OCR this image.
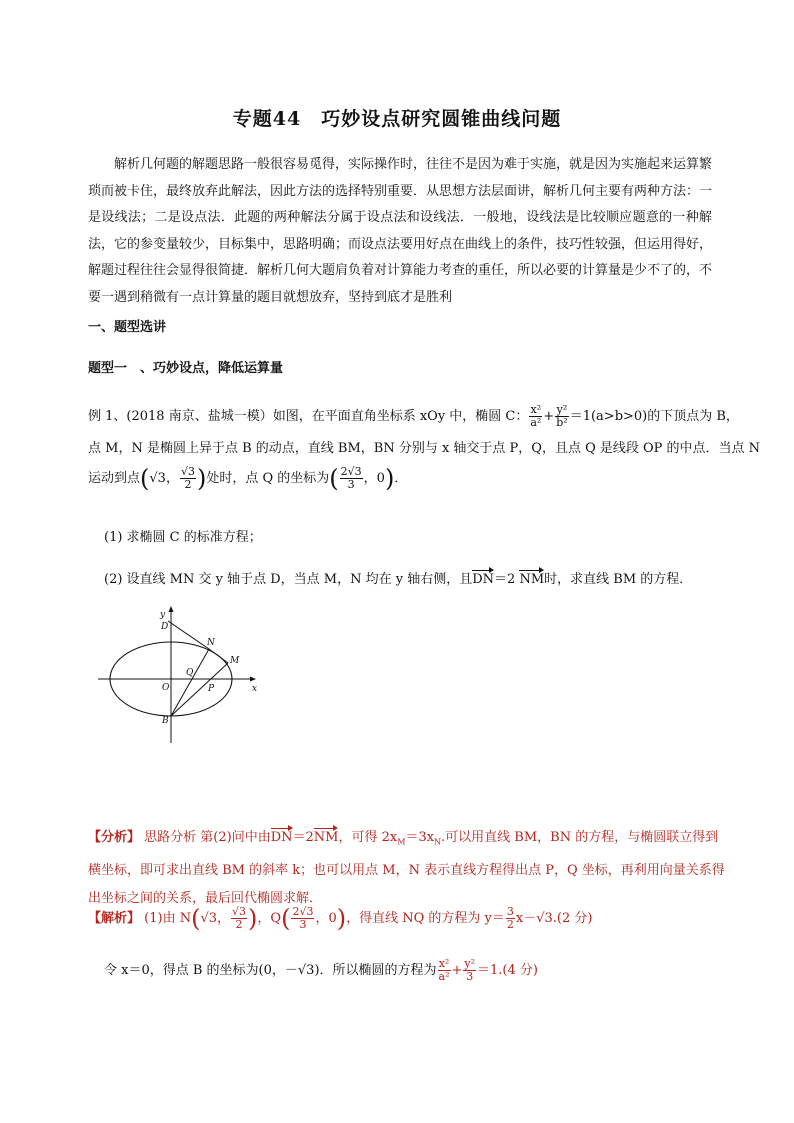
专题44　巧妙设点研究圆锥曲线问题
解析几何题的解题思路一般很容易觅得，实际操作时，往往不是因为难于实施，就是因为实施起来运算繁琐而被卡住，最终放弃此解法，因此方法的选择特别重要．从思想方法层面讲，解析几何主要有两种方法：一是设线法；二是设点法．此题的两种解法分属于设点法和设线法．一般地，设线法是比较顺应题意的一种解法，它的参变量较少，目标集中，思路明确；而设点法要用好点在曲线上的条件，技巧性较强，但运用得好，解题过程往往会显得很简捷．解析几何大题肩负着对计算能力考查的重任，所以必要的计算量是少不了的，不要一遇到稍微有一点计算量的题目就想放弃，坚持到底才是胜利
一、题型选讲
题型一　、巧妙设点，降低运算量
例 1、(2018 南京、盐城一模）如图，在平面直角坐标系 xOy 中，椭圆 C： $\frac{\text{x²}}{\text{a²}} + \frac{\text{y²}}{\text{b²}} =1(a>b>0)$的下顶点为 B，
点 M，N 是椭圆上异于点 B 的动点，直线 BM，BN 分别与 x 轴交于点 P，Q，且点 Q 是线段 OP 的中点．当点 N
运动到点(√3， $\frac{√3}{2}$ )处时，点 Q 的坐标为( $\frac{2√3}{3}$ ，0)．
(1) 求椭圆 C 的标准方程；
(2) 设直线 MN 交 y 轴于点 D，当点 M，N 均在 y 轴右侧，且DN＝2 NM时，求直线 BM 的方程．
y
x
D
N
M
Q
O	P
B
【分析】 思路分析 第(2)问中由DN＝2NM，可得 $2x_M=3x_N$.可以用直线 BM，BN 的方程，与椭圆联立得到
横坐标，即可求出直线 BM 的斜率 k；也可以用点 M，N 表示直线方程得出点 P，Q 坐标，再利用向量关系得
出坐标之间的关系，最后回代椭圆求解．
【解析】 (1)由 N(√3， $\frac{√3}{2}$ )，$Q( \frac{2√3}{3}$ ，0)，得直线 NQ 的方程为 $y= \frac{3}{2} x-√3.(2$ 分)
令 x＝0，得点 B 的坐标为(0，－√3)．所以椭圆的方程为 $\frac{\text{x²}}{\text{a²}} + \frac{\text{y²}}{3} =1.(4$ 分)
